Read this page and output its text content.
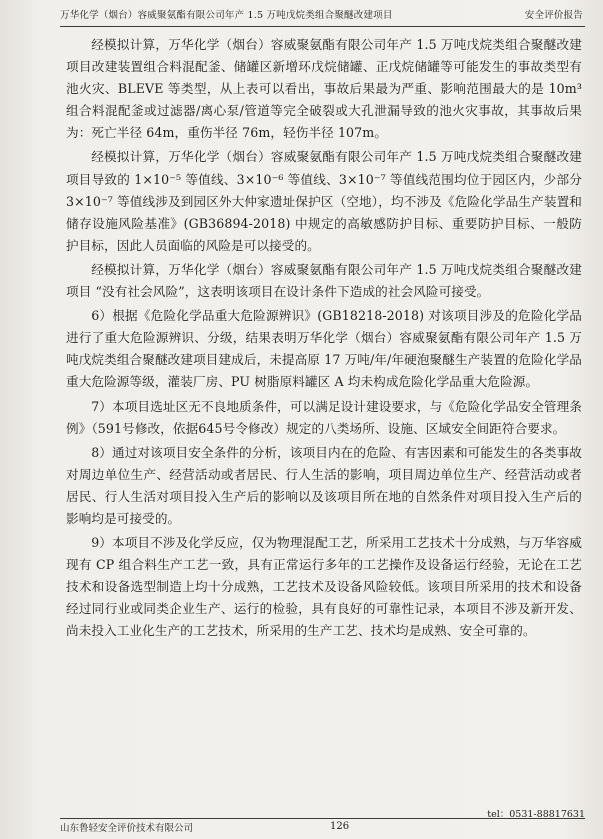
万华化学（烟台）容威聚氨酯有限公司年产 1.5 万吨戊烷类组合聚醚改建项目	安全评价报告

经模拟计算，万华化学（烟台）容威聚氨酯有限公司年产 1.5 万吨戊烷类组合聚醚改建项目改建装置组合料混配釜、储罐区新增环戊烷储罐、正戊烷储罐等可能发生的事故类型有池火灾、BLEVE 等类型，从上表可以看出，事故后果最为严重、影响范围最大的是 10m³ 组合料混配釜或过滤器/离心泵/管道等完全破裂或大孔泄漏导致的池火灾事故，其事故后果为：死亡半径 64m，重伤半径 76m，轻伤半径 107m。

经模拟计算，万华化学（烟台）容威聚氨酯有限公司年产 1.5 万吨戊烷类组合聚醚改建项目导致的 1×10⁻⁵ 等值线、3×10⁻⁶ 等值线、3×10⁻⁷ 等值线范围均位于园区内，少部分 3×10⁻⁷ 等值线涉及到园区外大仲家遗址保护区（空地），均不涉及《危险化学品生产装置和储存设施风险基准》(GB36894-2018) 中规定的高敏感防护目标、重要防护目标、一般防护目标，因此人员面临的风险是可以接受的。

经模拟计算，万华化学（烟台）容威聚氨酯有限公司年产 1.5 万吨戊烷类组合聚醚改建项目 “没有社会风险”，这表明该项目在设计条件下造成的社会风险可接受。

6）根据《危险化学品重大危险源辨识》(GB18218-2018) 对该项目涉及的危险化学品进行了重大危险源辨识、分级，结果表明万华化学（烟台）容威聚氨酯有限公司年产 1.5 万吨戊烷类组合聚醚改建项目建成后，未提高原 17 万吨/年/年硬泡聚醚生产装置的危险化学品重大危险源等级，灌装厂房、PU 树脂原料罐区 A 均未构成危险化学品重大危险源。

7）本项目选址区无不良地质条件，可以满足设计建设要求，与《危险化学品安全管理条例》（591号修改，依据645号令修改）规定的八类场所、设施、区域安全间距符合要求。

8）通过对该项目安全条件的分析，该项目内在的危险、有害因素和可能发生的各类事故对周边单位生产、经营活动或者居民、行人生活的影响，项目周边单位生产、经营活动或者居民、行人生活对项目投入生产后的影响以及该项目所在地的自然条件对项目投入生产后的影响均是可接受的。

9）本项目不涉及化学反应，仅为物理混配工艺，所采用工艺技术十分成熟，与万华容威现有 CP 组合料生产工艺一致，具有正常运行多年的工艺操作及设备运行经验，无论在工艺技术和设备选型制造上均十分成熟，工艺技术及设备风险较低。该项目所采用的技术和设备经过同行业或同类企业生产、运行的检验，具有良好的可靠性记录，本项目不涉及新开发、尚未投入工业化生产的工艺技术，所采用的生产工艺、技术均是成熟、安全可靠的。

山东鲁轻安全评价技术有限公司	126
tel：0531-88817631
